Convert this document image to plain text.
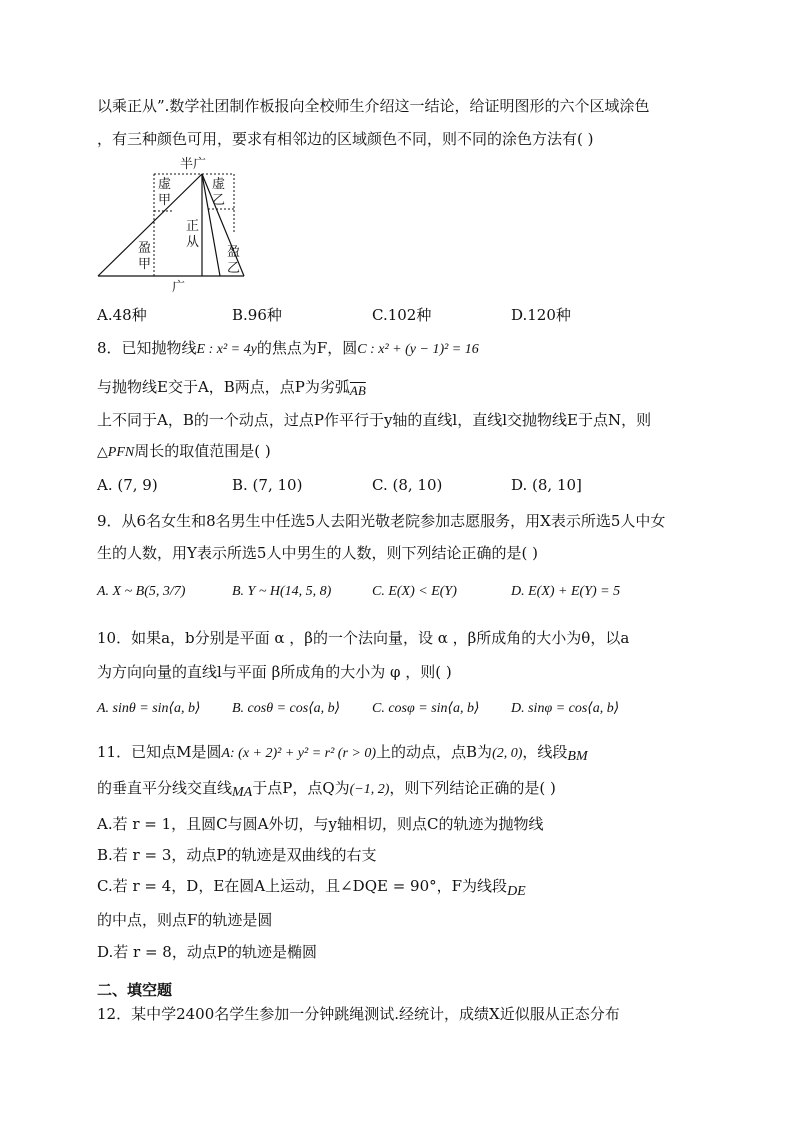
以乘正从”.数学社团制作板报向全校师生介绍这一结论，给证明图形的六个区域涂色
，有三种颜色可用，要求有相邻边的区域颜色不同，则不同的涂色方法有( )
半广
虚
甲
虚
乙
正
从
盈
甲
盈
乙
广
A.48种	B.96种	C.102种	D.120种
8．已知抛物线E : x² = 4y的焦点为F，圆C : x² + (y − 1)² = 16
与抛物线E交于A，B两点，点P为劣弧$\overline{AB}$
上不同于A，B的一个动点，过点P作平行于y轴的直线l，直线l交抛物线E于点N，则
△PFN周长的取值范围是( )
A. (7, 9)	B. (7, 10)	C. (8, 10)	D. (8, 10]
9．从6名女生和8名男生中任选5人去阳光敬老院参加志愿服务，用X表示所选5人中女
生的人数，用Y表示所选5人中男生的人数，则下列结论正确的是( )
A. X ~ B(5, 3/7)	B. Y ~ H(14, 5, 8)	C. E(X) < E(Y)	D. E(X) + E(Y) = 5
10．如果a，b分别是平面 α ，β的一个法向量，设 α ，β所成角的大小为θ，以a
为方向向量的直线l与平面 β所成角的大小为 φ ，则( )
A. sinθ = sin⟨a, b⟩ B. cosθ = cos⟨a, b⟩ C. cosφ = sin⟨a, b⟩ D. sinφ = cos⟨a, b⟩
11．已知点M是圆A: (x + 2)² + y² = r² (r > 0)上的动点，点B为(2, 0)，线段BM
的垂直平分线交直线MA于点P，点Q为(−1, 2)，则下列结论正确的是( )
A.若 r = 1，且圆C与圆A外切，与y轴相切，则点C的轨迹为抛物线
B.若 r = 3，动点P的轨迹是双曲线的右支
C.若 r = 4，D，E在圆A上运动，且∠DQE = 90°，F为线段DE
的中点，则点F的轨迹是圆
D.若 r = 8，动点P的轨迹是椭圆
二、填空题
12．某中学2400名学生参加一分钟跳绳测试.经统计，成绩X近似服从正态分布
